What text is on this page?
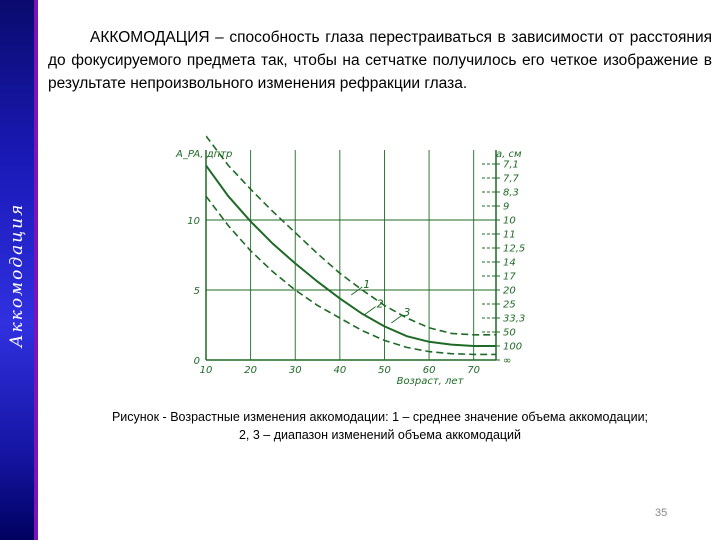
Аккомодация

АККОМОДАЦИЯ – способность глаза перестраиваться в зависимости от расстояния до фокусируемого предмета так, чтобы на сетчатке получилось его четкое изображение в результате непроизвольного изменения рефракции глаза.

A_PA, дптр	a, см
Возраст, лет
10	20	30	40	50	60	70
0
5
10
7,1
7,7
8,3
9
10
11
12,5
14
17
20
25
33,3
50
100
∞
1
2
3
Рисунок - Возрастные изменения аккомодации: 1 – среднее значение объема аккомодации;
2, 3 – диапазон изменений объема аккомодаций
35
